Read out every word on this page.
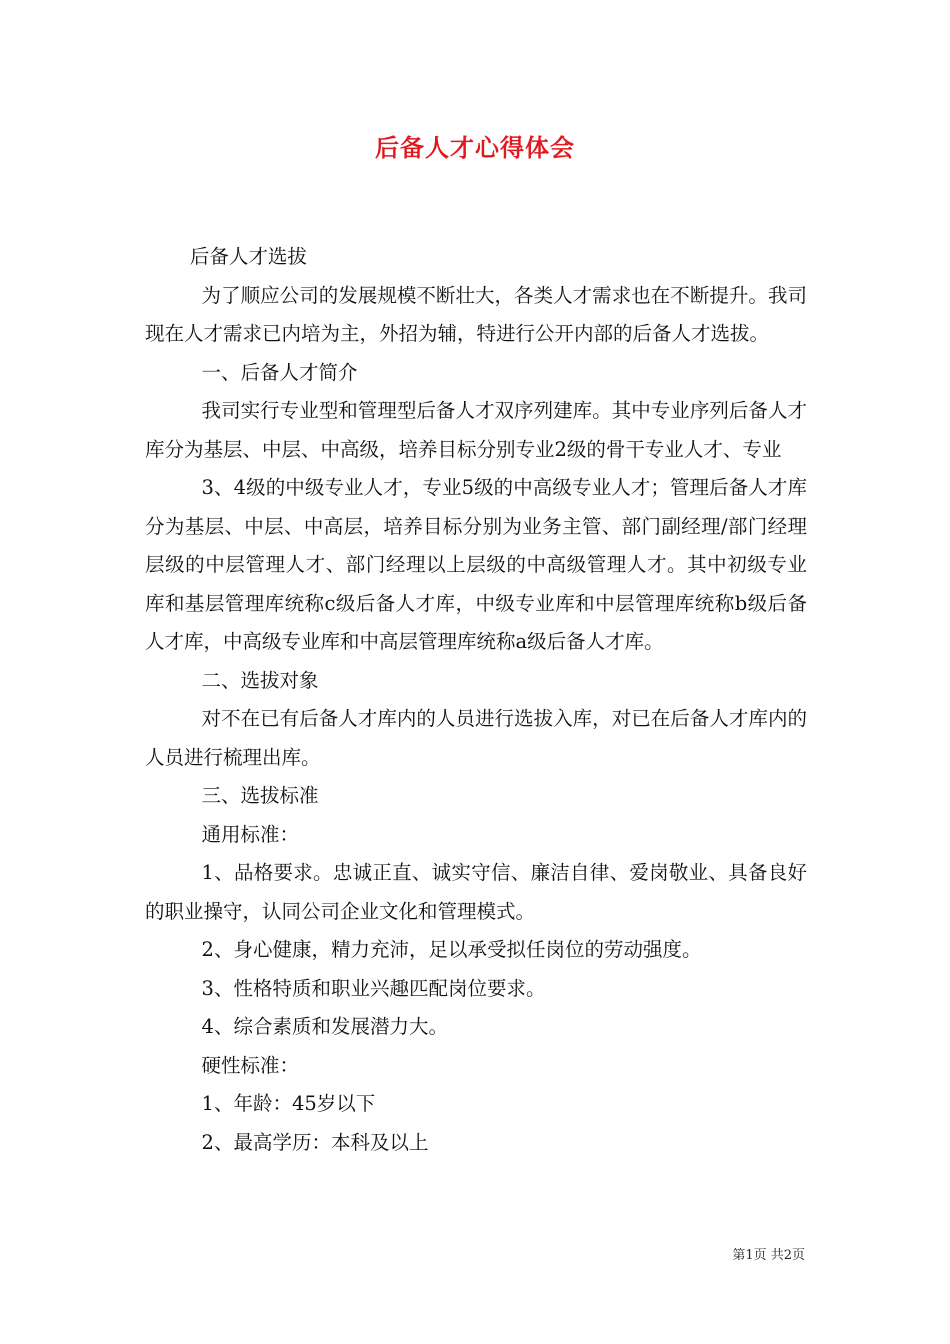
后备人才心得体会

后备人才选拔

为了顺应公司的发展规模不断壮大，各类人才需求也在不断提升。我司现在人才需求已内培为主，外招为辅，特进行公开内部的后备人才选拔。

一、后备人才简介

我司实行专业型和管理型后备人才双序列建库。其中专业序列后备人才库分为基层、中层、中高级，培养目标分别专业2级的骨干专业人才、专业

3、4级的中级专业人才，专业5级的中高级专业人才；管理后备人才库分为基层、中层、中高层，培养目标分别为业务主管、部门副经理/部门经理层级的中层管理人才、部门经理以上层级的中高级管理人才。其中初级专业库和基层管理库统称c级后备人才库，中级专业库和中层管理库统称b级后备人才库，中高级专业库和中高层管理库统称a级后备人才库。

二、选拔对象

对不在已有后备人才库内的人员进行选拔入库，对已在后备人才库内的人员进行梳理出库。

三、选拔标准

通用标准：

1、品格要求。忠诚正直、诚实守信、廉洁自律、爱岗敬业、具备良好的职业操守，认同公司企业文化和管理模式。

2、身心健康，精力充沛，足以承受拟任岗位的劳动强度。

3、性格特质和职业兴趣匹配岗位要求。

4、综合素质和发展潜力大。

硬性标准：

1、年龄：45岁以下

2、最高学历：本科及以上

第1页 共2页
